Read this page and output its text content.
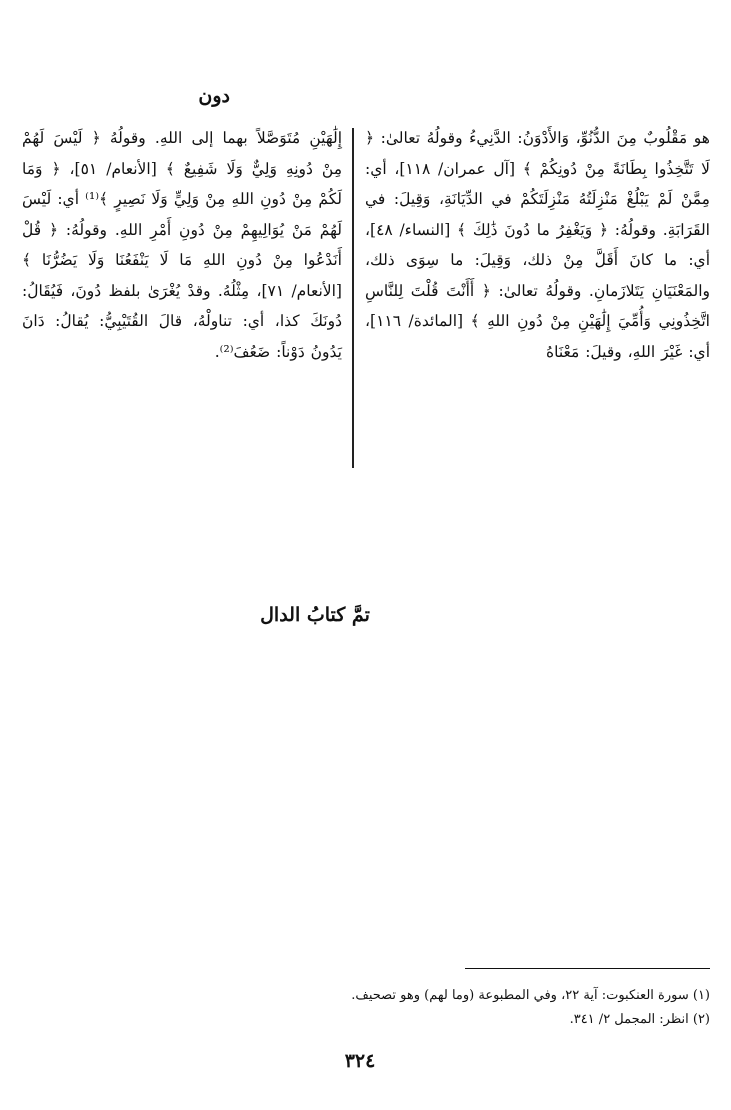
دون

هو مَقْلُوبٌ مِنَ الدُّنُوِّ، وَالأَدْوَنُ: الدَّنِيءُ وقولُهُ تعالىٰ: ﴿ لَا تَتَّخِذُوا بِطَانَةً مِنْ دُونِكُمْ ﴾ [آل عمران/ ١١٨]، أي: مِمَّنْ لَمْ يَبْلُغْ مَنْزِلَتُهُ مَنْزِلَتَكُمْ في الدِّيَانَةِ، وَقِيلَ: في القَرَابَةِ. وقولُهُ: ﴿ وَيَغْفِرُ ما دُونَ ذَٰلِكَ ﴾ [النساء/ ٤٨]، أي: ما كانَ أَقَلَّ مِنْ ذلك، وَقِيلَ: ما سِوَى ذلك، والمَعْنَيَانِ يَتَلازَمانِ. وقولُهُ تعالىٰ: ﴿ أَأَنْتَ قُلْتَ لِلنَّاسِ اتَّخِذُونِي وَأُمِّيَ إِلَٰهَيْنِ مِنْ دُونِ اللهِ ﴾ [المائدة/ ١١٦]، أي: غَيْرَ اللهِ، وقيلَ: مَعْنَاهُ

إِلَٰهَيْنِ مُتَوَصَّلاً بهما إلى اللهِ. وقولُهُ ﴿ لَيْسَ لَهُمْ مِنْ دُونِهِ وَلِيٌّ وَلَا شَفِيعٌ ﴾ [الأنعام/ ٥١]، ﴿ وَمَا لَكُمْ مِنْ دُونِ اللهِ مِنْ وَلِيٍّ وَلَا نَصِيرٍ ﴾⁽¹⁾ أي: لَيْسَ لَهُمْ مَنْ يُوَالِيهِمْ مِنْ دُونِ أَمْرِ اللهِ. وقولُهُ: ﴿ قُلْ أَنَدْعُوا مِنْ دُونِ اللهِ مَا لَا يَنْفَعُنَا وَلَا يَضُرُّنَا ﴾ [الأنعام/ ٧١]، مِثْلُهُ. وقدْ يُغْرَىٰ بلفظ دُونَ، فَيُقَالُ: دُونَكَ كذا، أي: تناولْهُ، قالَ القُتَيْبِيُّ: يُقالُ: دَانَ يَدُونُ دَوْناً: ضَعُفَ⁽²⁾.

تمَّ كتابُ الدال
(١) سورة العنكبوت: آية ٢٢، وفي المطبوعة (وما لهم) وهو تصحيف.
(٢) انظر: المجمل ٢/ ٣٤١.
٣٢٤
